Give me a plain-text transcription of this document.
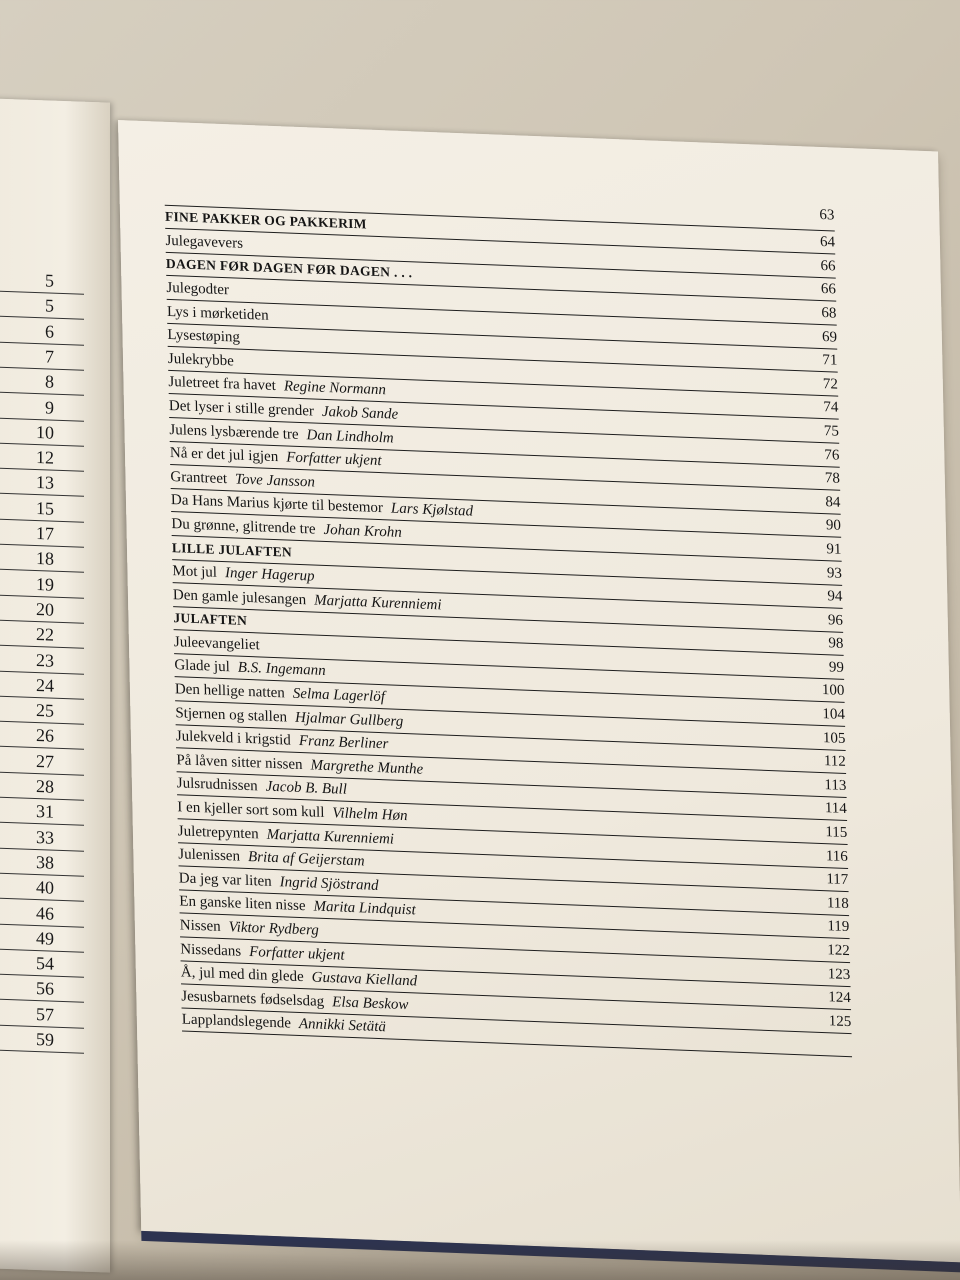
5
5
6
7
8
9
10
12
13
15
17
18
19
20
22
23
24
25
26
27
28
31
33
38
40
46
49
54
56
57
59
63
FINE PAKKER OG PAKKERIM
64
Julegavevers
66
DAGEN FØR DAGEN FØR DAGEN . . .
66
Julegodter
68
Lys i mørketiden
69
Lysestøping
71
Julekrybbe
72
Juletreet fra havet Regine Normann
74
Det lyser i stille grender Jakob Sande
75
Julens lysbærende tre Dan Lindholm
76
Nå er det jul igjen Forfatter ukjent
78
Grantreet Tove Jansson
84
Da Hans Marius kjørte til bestemor Lars Kjølstad
90
Du grønne, glitrende tre Johan Krohn
91
LILLE JULAFTEN
93
Mot jul Inger Hagerup
94
Den gamle julesangen Marjatta Kurenniemi
96
JULAFTEN
98
Juleevangeliet
99
Glade jul B.S. Ingemann
100
Den hellige natten Selma Lagerlöf
104
Stjernen og stallen Hjalmar Gullberg
105
Julekveld i krigstid Franz Berliner
112
På låven sitter nissen Margrethe Munthe
113
Julsrudnissen Jacob B. Bull
114
I en kjeller sort som kull Vilhelm Høn
115
Juletrepynten Marjatta Kurenniemi
116
Julenissen Brita af Geijerstam
117
Da jeg var liten Ingrid Sjöstrand
118
En ganske liten nisse Marita Lindquist
119
Nissen Viktor Rydberg
122
Nissedans Forfatter ukjent
123
Å, jul med din glede Gustava Kielland
124
Jesusbarnets fødselsdag Elsa Beskow
125
Lapplandslegende Annikki Setätä
